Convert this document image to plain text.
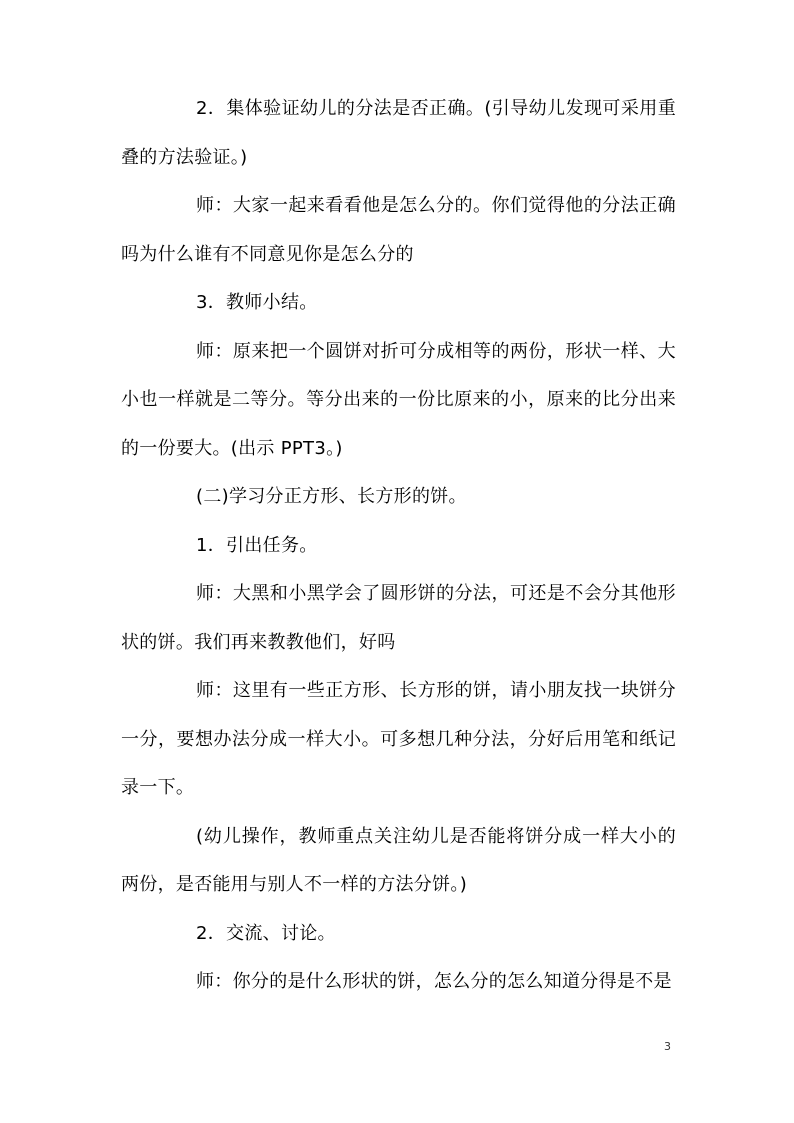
2．集体验证幼儿的分法是否正确。(引导幼儿发现可采用重叠的方法验证。)

师：大家一起来看看他是怎么分的。你们觉得他的分法正确吗为什么谁有不同意见你是怎么分的

3．教师小结。

师：原来把一个圆饼对折可分成相等的两份，形状一样、大小也一样就是二等分。等分出来的一份比原来的小，原来的比分出来的一份要大。(出示 PPT3。)

(二)学习分正方形、长方形的饼。

1．引出任务。

师：大黑和小黑学会了圆形饼的分法，可还是不会分其他形状的饼。我们再来教教他们，好吗

师：这里有一些正方形、长方形的饼，请小朋友找一块饼分一分，要想办法分成一样大小。可多想几种分法，分好后用笔和纸记录一下。

(幼儿操作，教师重点关注幼儿是否能将饼分成一样大小的两份，是否能用与别人不一样的方法分饼。)

2．交流、讨论。

师：你分的是什么形状的饼，怎么分的怎么知道分得是不是

3
